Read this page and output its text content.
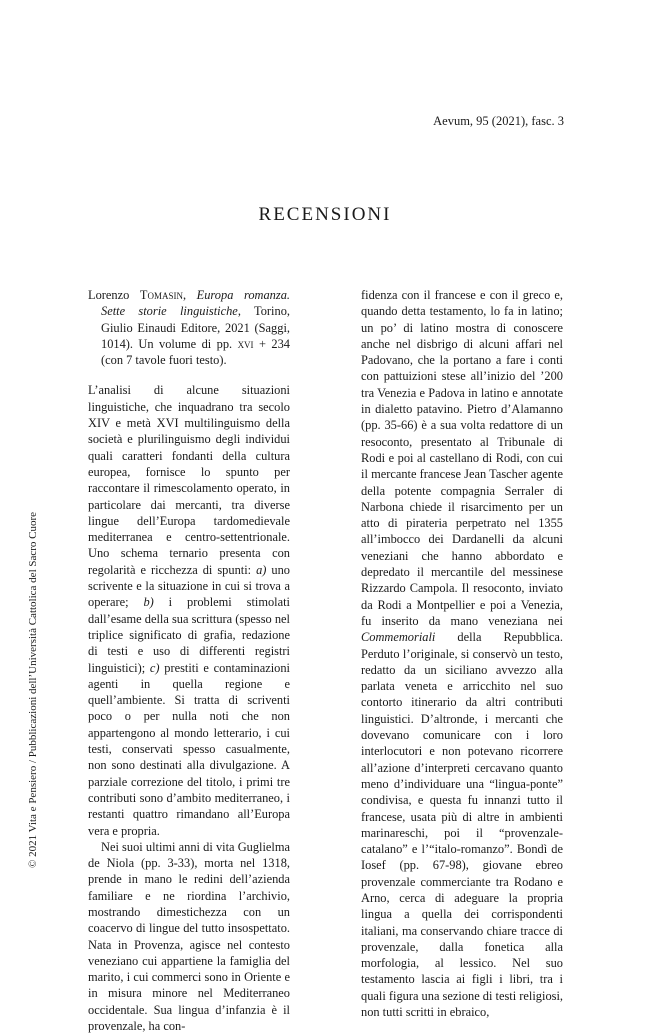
Aevum, 95 (2021), fasc. 3
RECENSIONI

Lorenzo Tomasin, Europa romanza. Sette storie linguistiche, Torino, Giulio Einaudi Editore, 2021 (Saggi, 1014). Un volume di pp. xvi + 234 (con 7 tavole fuori testo).

L’analisi di alcune situazioni linguistiche, che inquadrano tra secolo XIV e metà XVI multilinguismo della società e plurilinguismo degli individui quali caratteri fondanti della cultura europea, fornisce lo spunto per raccontare il rimescolamento operato, in particolare dai mercanti, tra diverse lingue dell’Europa tardomedievale mediterranea e centro-settentrionale. Uno schema ternario presenta con regolarità e ricchezza di spunti: a) uno scrivente e la situazione in cui si trova a operare; b) i problemi stimolati dall’esame della sua scrittura (spesso nel triplice significato di grafia, redazione di testi e uso di differenti registri linguistici); c) prestiti e contaminazioni agenti in quella regione e quell’ambiente. Si tratta di scriventi poco o per nulla noti che non appartengono al mondo letterario, i cui testi, conservati spesso casualmente, non sono destinati alla divulgazione. A parziale correzione del titolo, i primi tre contributi sono d’ambito mediterraneo, i restanti quattro rimandano all’Europa vera e propria.

Nei suoi ultimi anni di vita Guglielma de Niola (pp. 3-33), morta nel 1318, prende in mano le redini dell’azienda familiare e ne riordina l’archivio, mostrando dimestichezza con un coacervo di lingue del tutto insospettato. Nata in Provenza, agisce nel contesto veneziano cui appartiene la famiglia del marito, i cui commerci sono in Oriente e in misura minore nel Mediterraneo occidentale. Sua lingua d’infanzia è il provenzale, ha con-

fidenza con il francese e con il greco e, quando detta testamento, lo fa in latino; un po’ di latino mostra di conoscere anche nel disbrigo di alcuni affari nel Padovano, che la portano a fare i conti con pattuizioni stese all’inizio del ’200 tra Venezia e Padova in latino e annotate in dialetto patavino. Pietro d’Alamanno (pp. 35-66) è a sua volta redattore di un resoconto, presentato al Tribunale di Rodi e poi al castellano di Rodi, con cui il mercante francese Jean Tascher agente della potente compagnia Serraler di Narbona chiede il risarcimento per un atto di pirateria perpetrato nel 1355 all’imbocco dei Dardanelli da alcuni veneziani che hanno abbordato e depredato il mercantile del messinese Rizzardo Campola. Il resoconto, inviato da Rodi a Montpellier e poi a Venezia, fu inserito da mano veneziana nei Commemoriali della Repubblica. Perduto l’originale, si conservò un testo, redatto da un siciliano avvezzo alla parlata veneta e arricchito nel suo contorto itinerario da altri contributi linguistici. D’altronde, i mercanti che dovevano comunicare con i loro interlocutori e non potevano ricorrere all’azione d’interpreti cercavano quanto meno d’individuare una “lingua-ponte” condivisa, e questa fu innanzi tutto il francese, usata più di altre in ambienti marinareschi, poi il “provenzale-catalano” e l’“italo-romanzo”. Bondì de Iosef (pp. 67-98), giovane ebreo provenzale commerciante tra Rodano e Arno, cerca di adeguare la propria lingua a quella dei corrispondenti italiani, ma conservando chiare tracce di provenzale, dalla fonetica alla morfologia, al lessico. Nel suo testamento lascia ai figli i libri, tra i quali figura una sezione di testi religiosi, non tutti scritti in ebraico,

© 2021 Vita e Pensiero / Pubblicazioni dell’Università Cattolica del Sacro Cuore
